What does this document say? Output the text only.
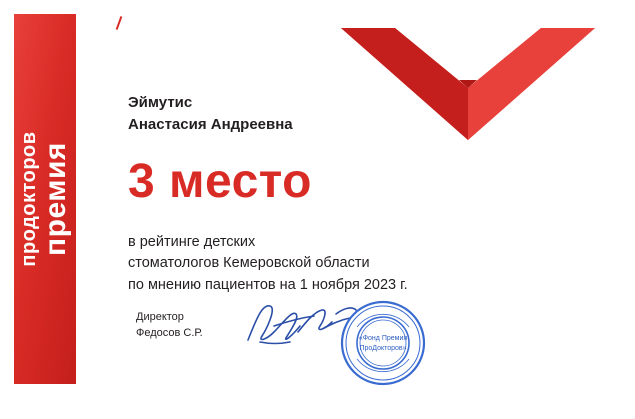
продокторов премия
Эймутис
Анастасия Андреевна
3 место
в рейтинге детских
стоматологов Кемеровской области
по мнению пациентов на 1 ноября 2023 г.
Директор
Федосов С.Р.	«Фонд Премия
ПроДокторов»
